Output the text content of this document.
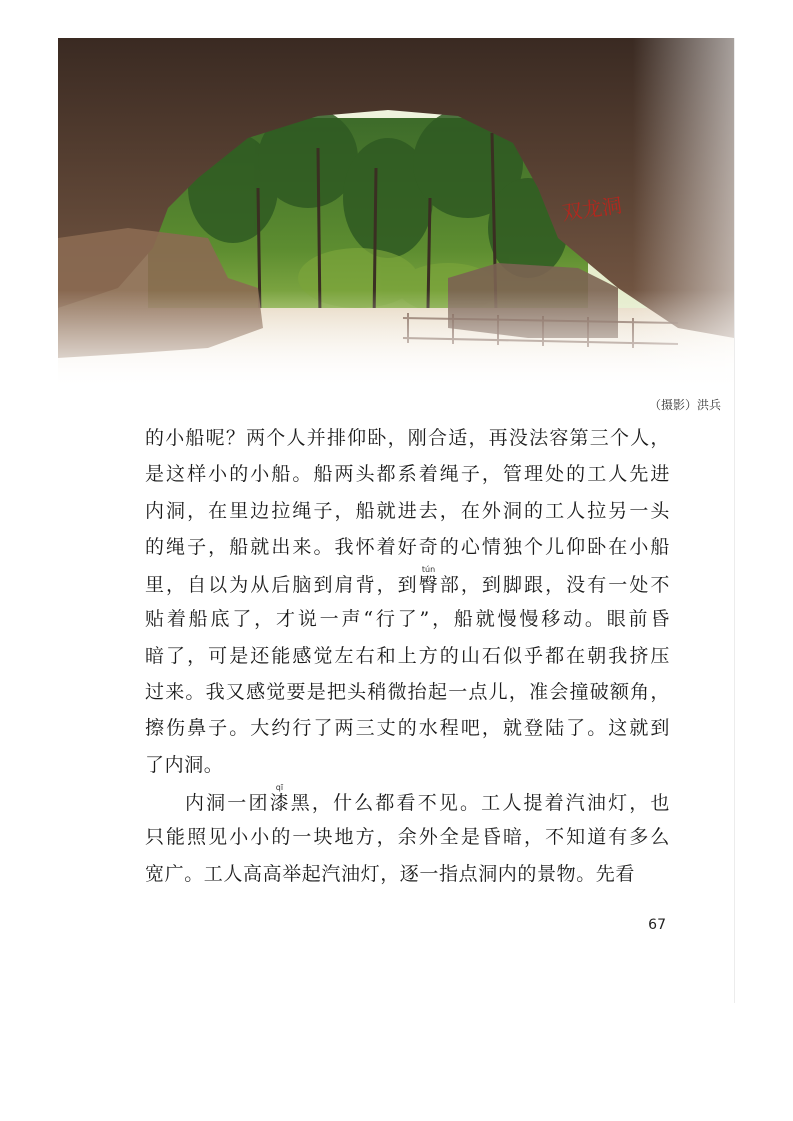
（摄影）洪兵
的小船呢？两个人并排仰卧，刚合适，再没法容第三个人，
是这样小的小船。船两头都系着绳子，管理处的工人先进
内洞，在里边拉绳子，船就进去，在外洞的工人拉另一头
的绳子，船就出来。我怀着好奇的心情独个儿仰卧在小船
里，自以为从后脑到肩背，到臀tún部，到脚跟，没有一处不
贴着船底了，才说一声“行了”，船就慢慢移动。眼前昏
暗了，可是还能感觉左右和上方的山石似乎都在朝我挤压
过来。我又感觉要是把头稍微抬起一点儿，准会撞破额角，
擦伤鼻子。大约行了两三丈的水程吧，就登陆了。这就到
了内洞。
内洞一团漆qī黑，什么都看不见。工人提着汽油灯，也
只能照见小小的一块地方，余外全是昏暗，不知道有多么
宽广。工人高高举起汽油灯，逐一指点洞内的景物。先看
67
